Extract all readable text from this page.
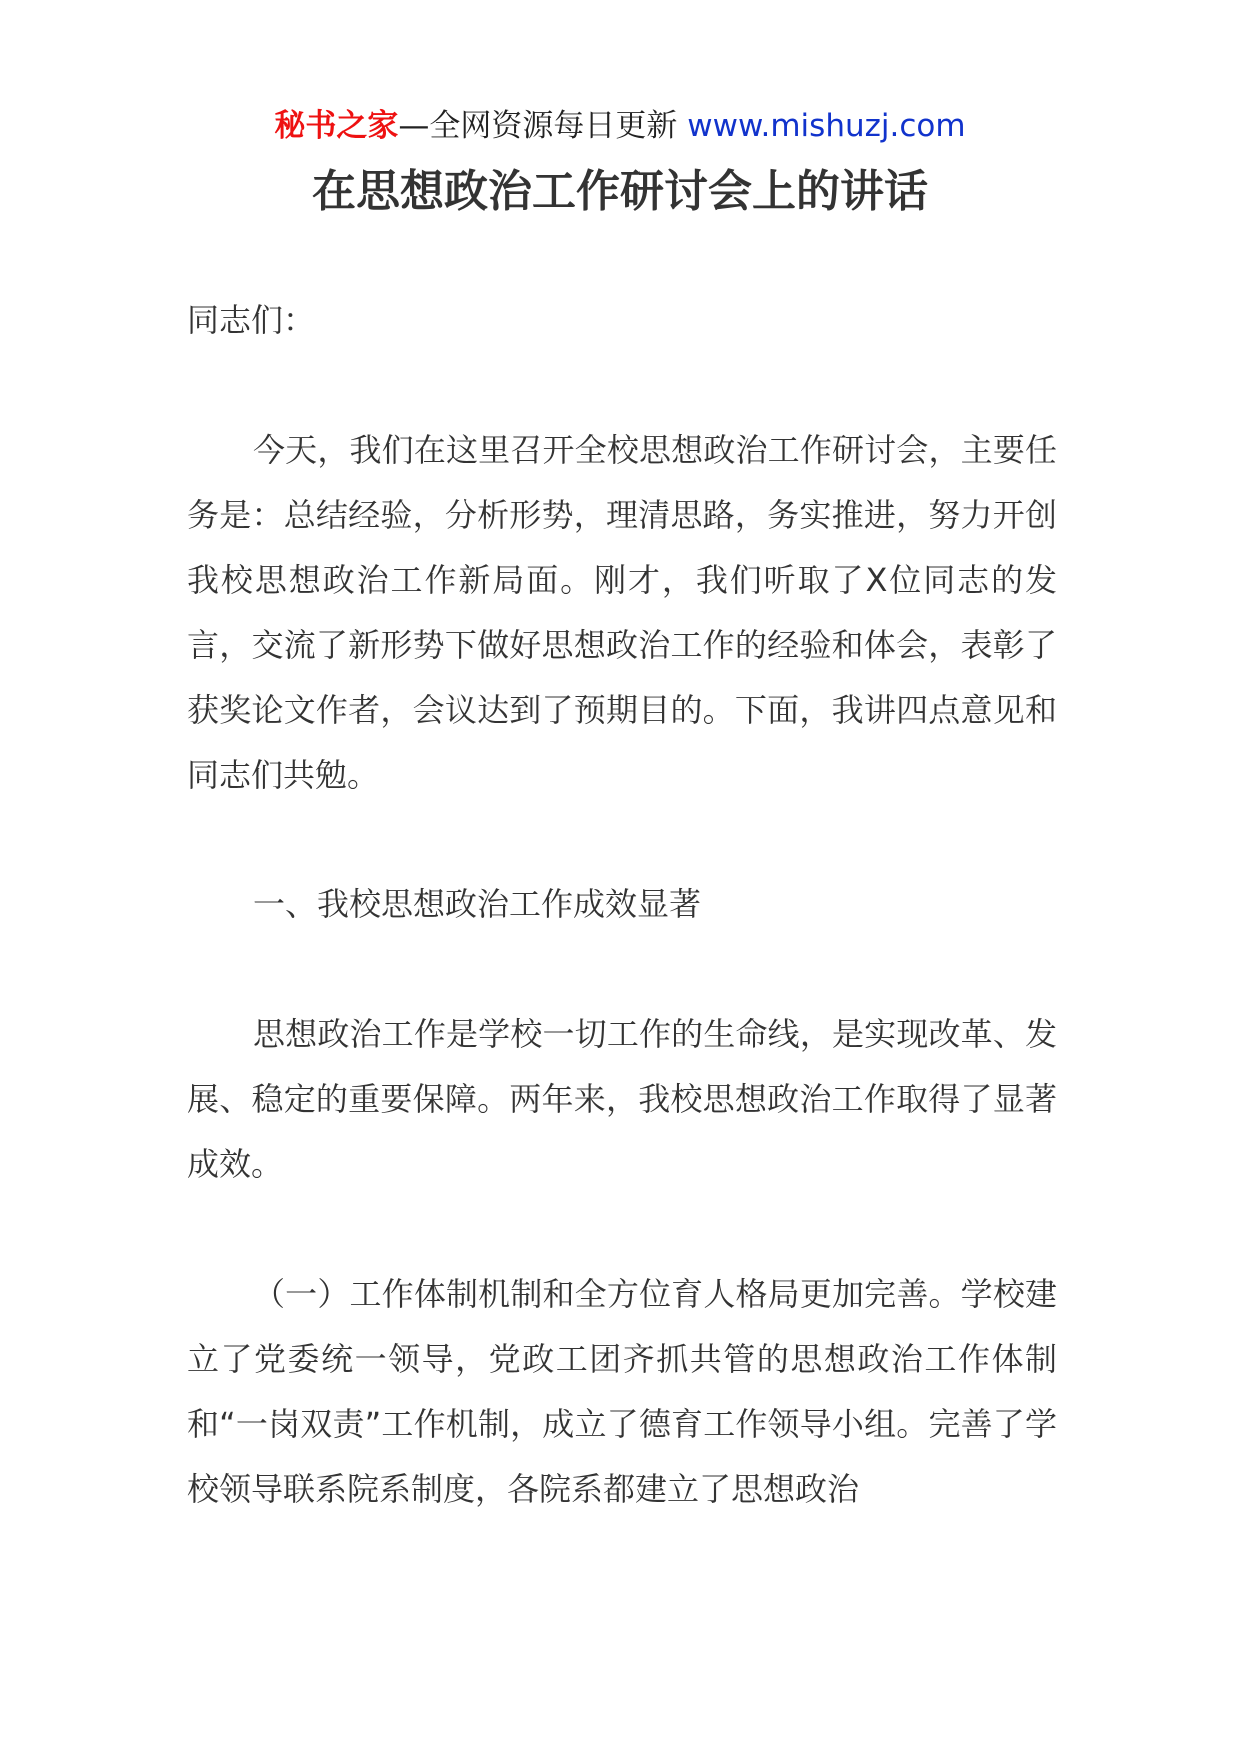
秘书之家—全网资源每日更新 www.mishuzj.com
在思想政治工作研讨会上的讲话

同志们：

今天，我们在这里召开全校思想政治工作研讨会，主要任务是：总结经验，分析形势，理清思路，务实推进，努力开创我校思想政治工作新局面。刚才，我们听取了X位同志的发言，交流了新形势下做好思想政治工作的经验和体会，表彰了获奖论文作者，会议达到了预期目的。下面，我讲四点意见和同志们共勉。

一、我校思想政治工作成效显著

思想政治工作是学校一切工作的生命线，是实现改革、发展、稳定的重要保障。两年来，我校思想政治工作取得了显著成效。

（一）工作体制机制和全方位育人格局更加完善。学校建立了党委统一领导，党政工团齐抓共管的思想政治工作体制和“一岗双责”工作机制，成立了德育工作领导小组。完善了学校领导联系院系制度，各院系都建立了思想政治
